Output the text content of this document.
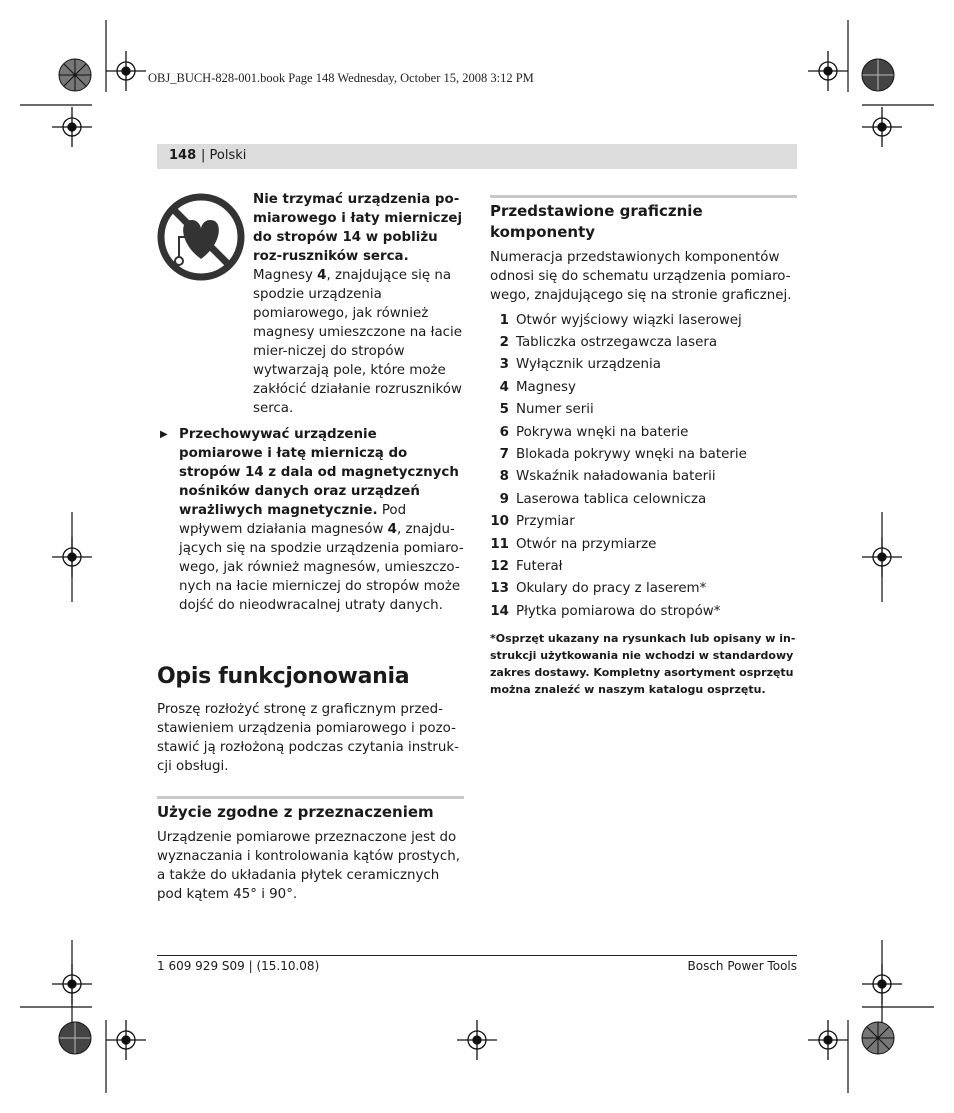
OBJ_BUCH-828-001.book Page 148 Wednesday, October 15, 2008 3:12 PM
148 | Polski

Nie trzymać urządzenia po-miarowego i łaty mierniczej do stropów 14 w pobliżu roz-ruszników serca. Magnesy 4, znajdujące się na spodzie urządzenia pomiarowego, jak również magnesy umieszczone na łacie mier-niczej do stropów wytwarzają pole, które może zakłócić działanie rozruszników serca.

▶ Przechowywać urządzenie pomiarowe i łatę mierniczą do stropów 14 z dala od magnetycznych nośników danych oraz urządzeń wrażliwych magnetycznie. Pod wpływem działania magnesów 4, znajdu-jących się na spodzie urządzenia pomiaro-wego, jak również magnesów, umieszczo-nych na łacie mierniczej do stropów może dojść do nieodwracalnej utraty danych.
Opis funkcjonowania

Proszę rozłożyć stronę z graficznym przed-stawieniem urządzenia pomiarowego i pozo-stawić ją rozłożoną podczas czytania instruk-cji obsługi.

Użycie zgodne z przeznaczeniem

Urządzenie pomiarowe przeznaczone jest do wyznaczania i kontrolowania kątów prostych, a także do układania płytek ceramicznych pod kątem 45° i 90°.

Przedstawione graficznie komponenty

Numeracja przedstawionych komponentów odnosi się do schematu urządzenia pomiaro-wego, znajdującego się na stronie graficznej.

1 Otwór wyjściowy wiązki laserowej
2 Tabliczka ostrzegawcza lasera
3 Wyłącznik urządzenia
4 Magnesy
5 Numer serii
6 Pokrywa wnęki na baterie
7 Blokada pokrywy wnęki na baterie
8 Wskaźnik naładowania baterii
9 Laserowa tablica celownicza
10 Przymiar
11 Otwór na przymiarze
12 Futerał
13 Okulary do pracy z laserem*
14 Płytka pomiarowa do stropów*

*Osprzęt ukazany na rysunkach lub opisany w in-strukcji użytkowania nie wchodzi w standardowy zakres dostawy. Kompletny asortyment osprzętu można znaleźć w naszym katalogu osprzętu.

1 609 929 S09 | (15.10.08)	Bosch Power Tools
